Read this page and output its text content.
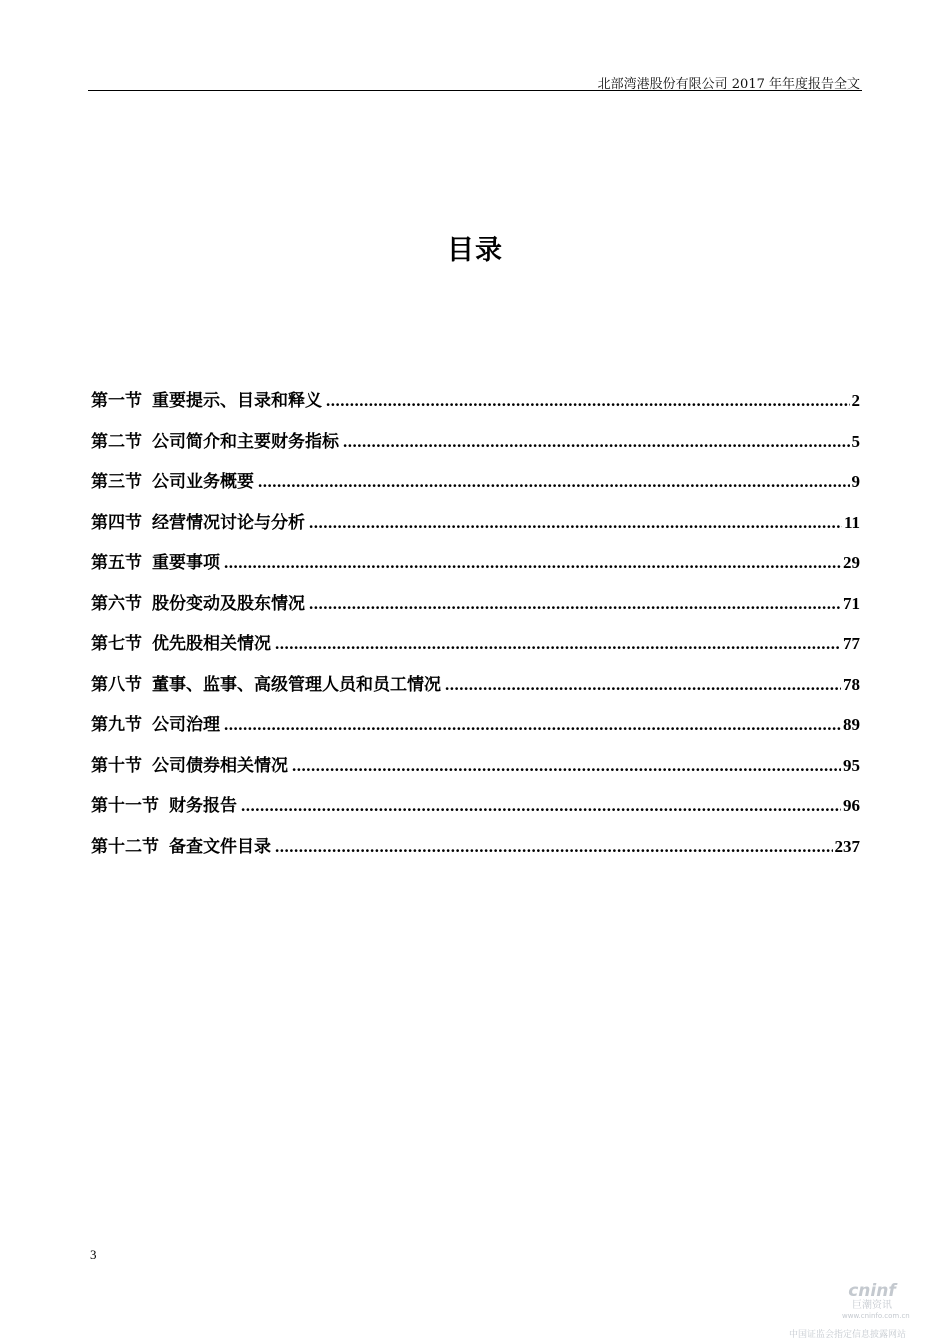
北部湾港股份有限公司 2017 年年度报告全文
目录
第一节 重要提示、目录和释义 .....	2
第二节 公司简介和主要财务指标 .....	5
第三节 公司业务概要 .....	9
第四节 经营情况讨论与分析 .....	11
第五节 重要事项 .....	29
第六节 股份变动及股东情况 .....	71
第七节 优先股相关情况 .....	77
第八节 董事、监事、高级管理人员和员工情况 .....	78
第九节 公司治理 .....	89
第十节 公司债券相关情况 .....	95
第十一节 财务报告 .....	96
第十二节 备查文件目录 .....	237
3
cninf
巨潮资讯
www.cninfo.com.cn
中国证监会指定信息披露网站
